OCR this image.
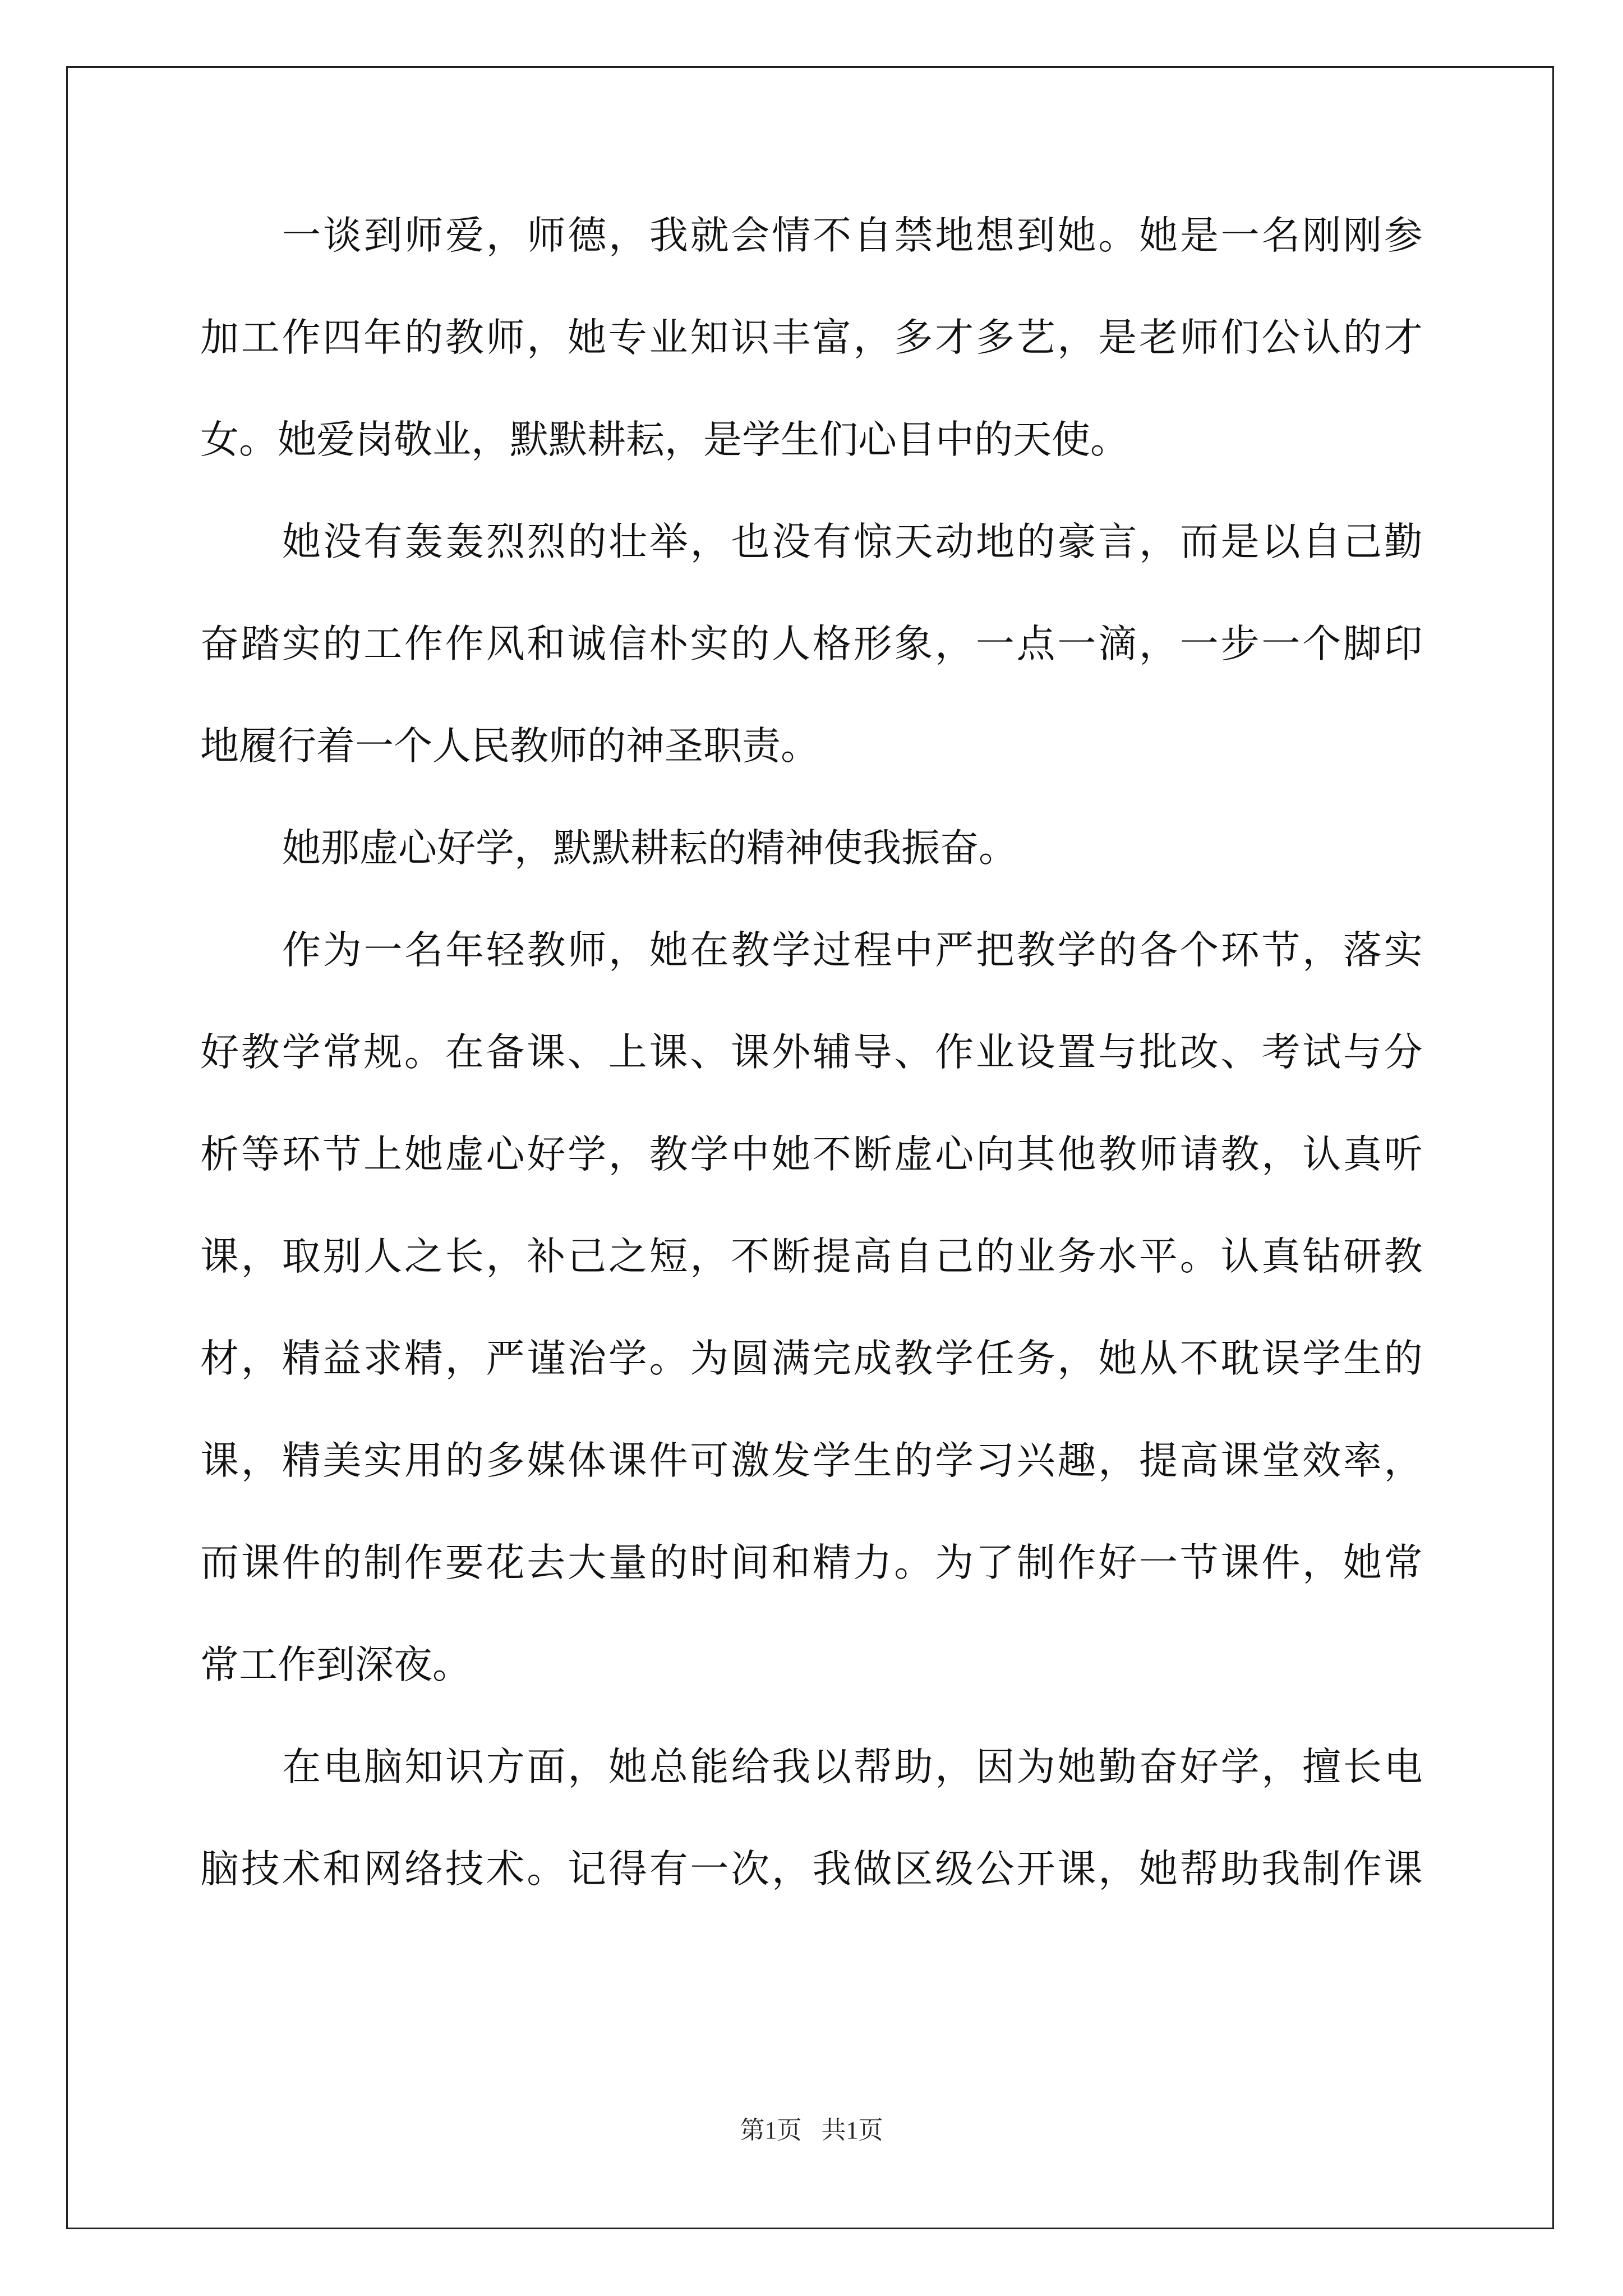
一 谈 到 师 爱 ， 师 德 ， 我 就 会 情 不 自 禁 地 想 到 她 。 她 是 一 名 刚 刚 参
加 工 作 四 年 的 教 师 ， 她 专 业 知 识 丰 富 ， 多 才 多 艺 ， 是 老 师 们 公 认 的 才
女。她爱岗敬业，默默耕耘，是学生们心目中的天使。
她 没 有 轰 轰 烈 烈 的 壮 举 ， 也 没 有 惊 天 动 地 的 豪 言 ， 而 是 以 自 己 勤
奋 踏 实 的 工 作 作 风 和 诚 信 朴 实 的 人 格 形 象 ， 一 点 一 滴 ， 一 步 一 个 脚 印
地履行着一个人民教师的神圣职责。
她那虚心好学，默默耕耘的精神使我振奋。
作 为 一 名 年 轻 教 师 ， 她 在 教 学 过 程 中 严 把 教 学 的 各 个 环 节 ， 落 实
好 教 学 常 规 。 在 备 课 、 上 课 、 课 外 辅 导 、 作 业 设 置 与 批 改 、 考 试 与 分
析 等 环 节 上 她 虚 心 好 学 ， 教 学 中 她 不 断 虚 心 向 其 他 教 师 请 教 ， 认 真 听
课 ， 取 别 人 之 长 ， 补 己 之 短 ， 不 断 提 高 自 己 的 业 务 水 平 。 认 真 钻 研 教
材 ， 精 益 求 精 ， 严 谨 治 学 。 为 圆 满 完 成 教 学 任 务 ， 她 从 不 耽 误 学 生 的
课 ， 精 美 实 用 的 多 媒 体 课 件 可 激 发 学 生 的 学 习 兴 趣 ， 提 高 课 堂 效 率 ，
而 课 件 的 制 作 要 花 去 大 量 的 时 间 和 精 力 。 为 了 制 作 好 一 节 课 件 ， 她 常
常工作到深夜。
在 电 脑 知 识 方 面 ， 她 总 能 给 我 以 帮 助 ， 因 为 她 勤 奋 好 学 ， 擅 长 电
脑 技 术 和 网 络 技 术 。 记 得 有 一 次 ， 我 做 区 级 公 开 课 ， 她 帮 助 我 制 作 课
第1页 共1页
